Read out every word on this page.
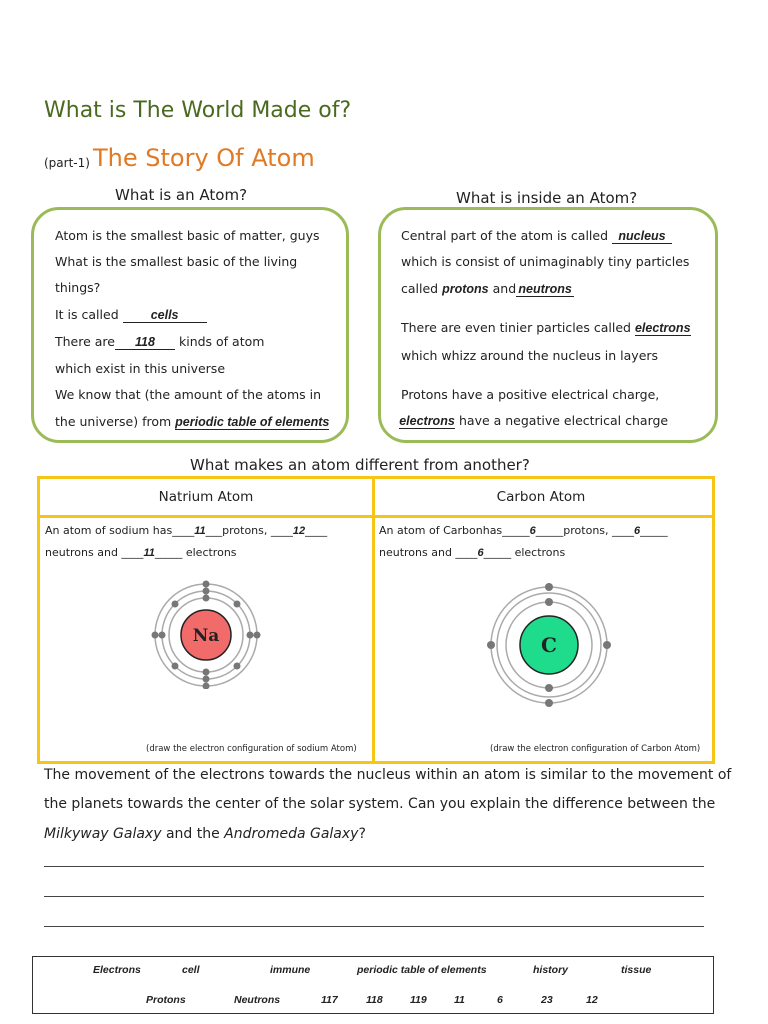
What is The World Made of?
(part-1) The Story Of Atom
What is an Atom?	What is inside an Atom?
Atom is the smallest basic of matter, guys
What is the smallest basic of the living
things?
It is called	cells
There are 118 kinds of atom
which exist in this universe
We know that (the amount of the atoms in
the universe) from periodic table of elements
Central part of the atom is called nucleus
which is consist of unimaginably tiny particles
called protons and neutrons
There are even tinier particles called electrons
which whizz around the nucleus in layers
Protons have a positive electrical charge,
electrons have a negative electrical charge
What makes an atom different from another?
Natrium Atom	Carbon Atom
An atom of sodium has____11___protons, ____12____
neutrons and ____11_____ electrons
Na
(draw the electron configuration of sodium Atom)
An atom of Carbonhas_____6_____protons, ____6_____
neutrons and ____6_____ electrons
C
(draw the electron configuration of Carbon Atom)
The movement of the electrons towards the nucleus within an atom is similar to the movement of
the planets towards the center of the solar system. Can you explain the difference between the
Milkyway Galaxy and the Andromeda Galaxy?
Electrons	cell	immune	periodic table of elements	history	tissue
Protons	Neutrons	117	118	119	11	6	23	12
